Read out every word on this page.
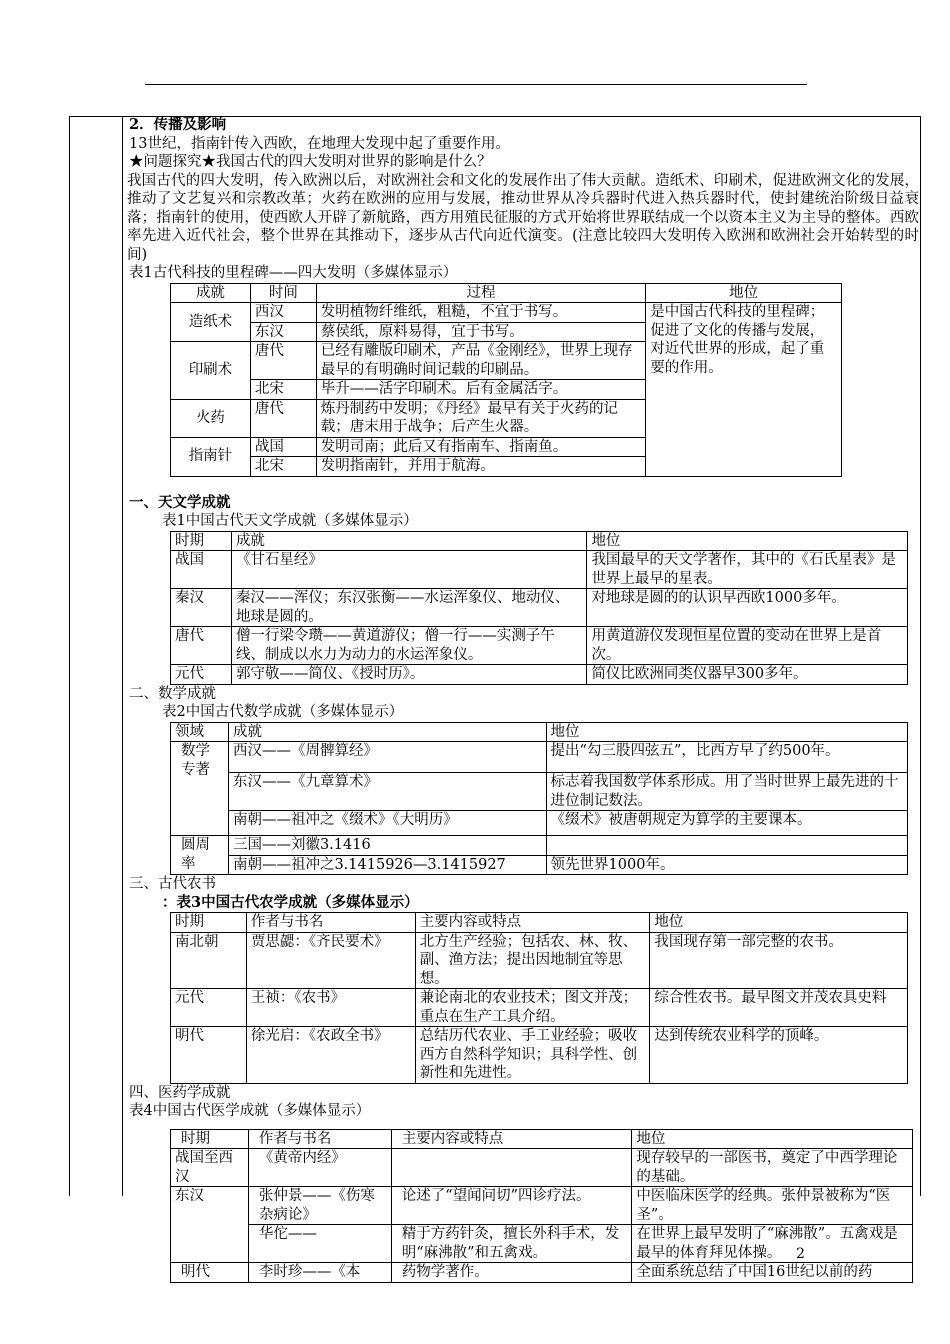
2．传播及影响
13世纪，指南针传入西欧，在地理大发现中起了重要作用。
★问题探究★我国古代的四大发明对世界的影响是什么？
我国古代的四大发明，传入欧洲以后，对欧洲社会和文化的发展作出了伟大贡献。造纸术、印刷术，促进欧洲文化的发展，推动了文艺复兴和宗教改革；火药在欧洲的应用与发展，推动世界从冷兵器时代进入热兵器时代，使封建统治阶级日益衰落；指南针的使用，使西欧人开辟了新航路，西方用殖民征服的方式开始将世界联结成一个以资本主义为主导的整体。西欧率先进入近代社会，整个世界在其推动下，逐步从古代向近代演变。(注意比较四大发明传入欧洲和欧洲社会开始转型的时间)
表1古代科技的里程碑——四大发明（多媒体显示）
成就	时间	过程	地位
造纸术	西汉	发明植物纤维纸，粗糙，不宜于书写。	是中国古代科技的里程碑；促进了文化的传播与发展，对近代世界的形成，起了重要的作用。
	东汉	蔡侯纸，原料易得，宜于书写。	
印刷术	唐代	已经有雕版印刷术，产品《金刚经》，世界上现存最早的有明确时间记载的印刷品。	
	北宋	毕升——活字印刷术。后有金属活字。	
火药	唐代	炼丹制药中发明；《丹经》最早有关于火药的记载；唐末用于战争；后产生火器。	
指南针	战国	发明司南；此后又有指南车、指南鱼。	
	北宋	发明指南针，并用于航海。	
一、天文学成就
表1中国古代天文学成就（多媒体显示）
时期	成就	地位
战国	《甘石星经》	我国最早的天文学著作，其中的《石氏星表》是世界上最早的星表。
秦汉	秦汉——浑仪；东汉张衡——水运浑象仪、地动仪、地球是圆的。	对地球是圆的的认识早西欧1000多年。
唐代	僧一行梁令瓒——黄道游仪；僧一行——实测子午线、制成以水力为动力的水运浑象仪。	用黄道游仪发现恒星位置的变动在世界上是首次。
元代	郭守敬——简仪、《授时历》。	简仪比欧洲同类仪器早300多年。
二、数学成就
表2中国古代数学成就（多媒体显示）
领域	成就	地位
数学专著	西汉——《周髀算经》	提出“勾三股四弦五”，比西方早了约500年。
	东汉——《九章算术》	标志着我国数学体系形成。用了当时世界上最先进的十进位制记数法。
	南朝——祖冲之《缀术》《大明历》	《缀术》被唐朝规定为算学的主要课本。
圆周率	三国——刘徽3.1416	
	南朝——祖冲之3.1415926—3.1415927	领先世界1000年。
三、古代农书
：表3中国古代农学成就（多媒体显示）
时期	作者与书名	主要内容或特点	地位
南北朝	贾思勰：《齐民要术》	北方生产经验；包括农、林、牧、副、渔方法；提出因地制宜等思想。	我国现存第一部完整的农书。
元代	王祯：《农书》	兼论南北的农业技术；图文并茂；重点在生产工具介绍。	综合性农书。最早图文并茂农具史料
明代	徐光启：《农政全书》	总结历代农业、手工业经验；吸收西方自然科学知识；具科学性、创新性和先进性。	达到传统农业科学的顶峰。
四、医药学成就
表4中国古代医学成就（多媒体显示）
时期	作者与书名	主要内容或特点	地位
战国至西汉	《黄帝内经》		现存较早的一部医书，奠定了中西学理论的基础。
东汉	张仲景——《伤寒杂病论》	论述了“望闻问切”四诊疗法。	中医临床医学的经典。张仲景被称为“医圣”。
	华佗——	精于方药针灸，擅长外科手术，发明“麻沸散”和五禽戏。	在世界上最早发明了“麻沸散”。五禽戏是最早的体育拜见体操。
明代	李时珍——《本	药物学著作。	全面系统总结了中国16世纪以前的药
2
